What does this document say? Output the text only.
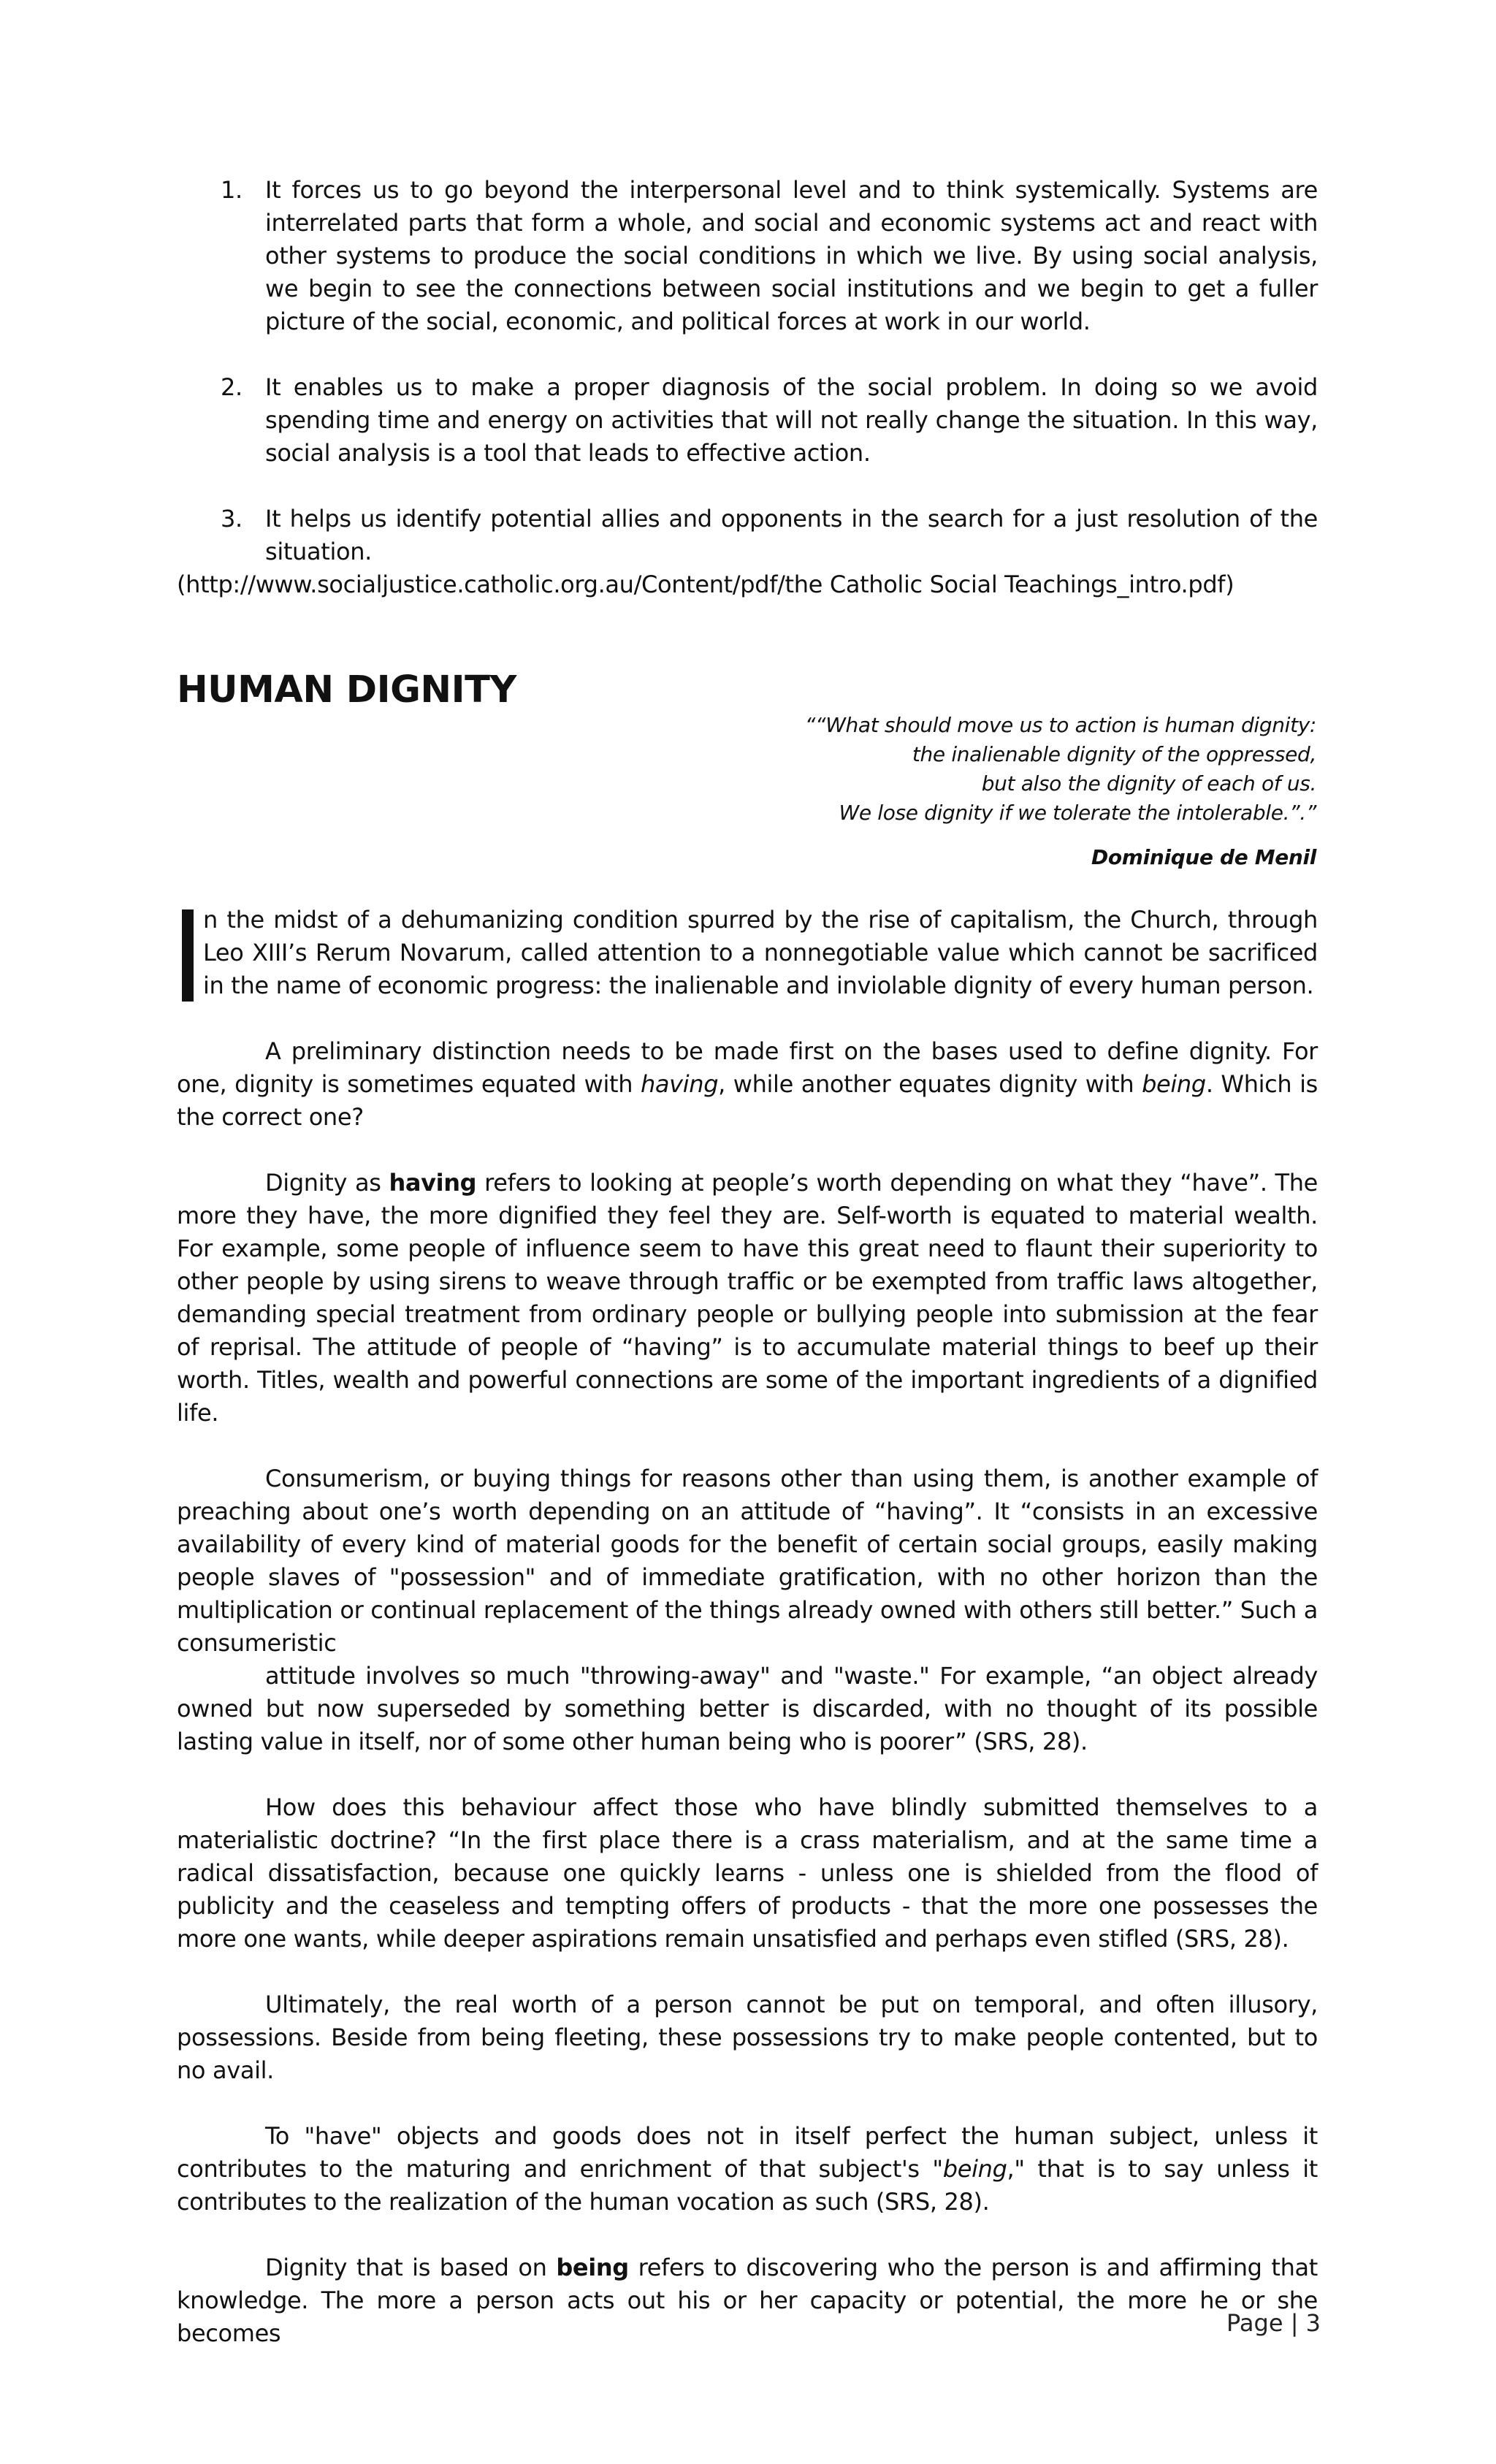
1. It forces us to go beyond the interpersonal level and to think systemically. Systems are interrelated parts that form a whole, and social and economic systems act and react with other systems to produce the social conditions in which we live. By using social analysis, we begin to see the connections between social institutions and we begin to get a fuller picture of the social, economic, and political forces at work in our world.
2. It enables us to make a proper diagnosis of the social problem. In doing so we avoid spending time and energy on activities that will not really change the situation. In this way, social analysis is a tool that leads to effective action.
3. It helps us identify potential allies and opponents in the search for a just resolution of the situation.

(http://www.socialjustice.catholic.org.au/Content/pdf/the Catholic Social Teachings_intro.pdf)

HUMAN DIGNITY
““What should move us to action is human dignity:
the inalienable dignity of the oppressed,
but also the dignity of each of us.
We lose dignity if we tolerate the intolerable.”.”
Dominique de Menil
n the midst of a dehumanizing condition spurred by the rise of capitalism, the Church, through Leo XIII’s Rerum Novarum, called attention to a nonnegotiable value which cannot be sacrificed in the name of economic progress: the inalienable and inviolable dignity of every human person.

A preliminary distinction needs to be made first on the bases used to define dignity. For one, dignity is sometimes equated with having, while another equates dignity with being. Which is the correct one?

Dignity as having refers to looking at people’s worth depending on what they “have”. The more they have, the more dignified they feel they are. Self-worth is equated to material wealth. For example, some people of influence seem to have this great need to flaunt their superiority to other people by using sirens to weave through traffic or be exempted from traffic laws altogether, demanding special treatment from ordinary people or bullying people into submission at the fear of reprisal. The attitude of people of “having” is to accumulate material things to beef up their worth. Titles, wealth and powerful connections are some of the important ingredients of a dignified life.

Consumerism, or buying things for reasons other than using them, is another example of preaching about one’s worth depending on an attitude of “having”. It “consists in an excessive availability of every kind of material goods for the benefit of certain social groups, easily making people slaves of "possession" and of immediate gratification, with no other horizon than the multiplication or continual replacement of the things already owned with others still better.” Such a consumeristic

attitude involves so much "throwing-away" and "waste." For example, “an object already owned but now superseded by something better is discarded, with no thought of its possible lasting value in itself, nor of some other human being who is poorer” (SRS, 28).

How does this behaviour affect those who have blindly submitted themselves to a materialistic doctrine? “In the first place there is a crass materialism, and at the same time a radical dissatisfaction, because one quickly learns - unless one is shielded from the flood of publicity and the ceaseless and tempting offers of products - that the more one possesses the more one wants, while deeper aspirations remain unsatisfied and perhaps even stifled (SRS, 28).

Ultimately, the real worth of a person cannot be put on temporal, and often illusory, possessions. Beside from being fleeting, these possessions try to make people contented, but to no avail.

To "have" objects and goods does not in itself perfect the human subject, unless it contributes to the maturing and enrichment of that subject's "being," that is to say unless it contributes to the realization of the human vocation as such (SRS, 28).

Dignity that is based on being refers to discovering who the person is and affirming that knowledge. The more a person acts out his or her capacity or potential, the more he or she becomes	Page | 3
